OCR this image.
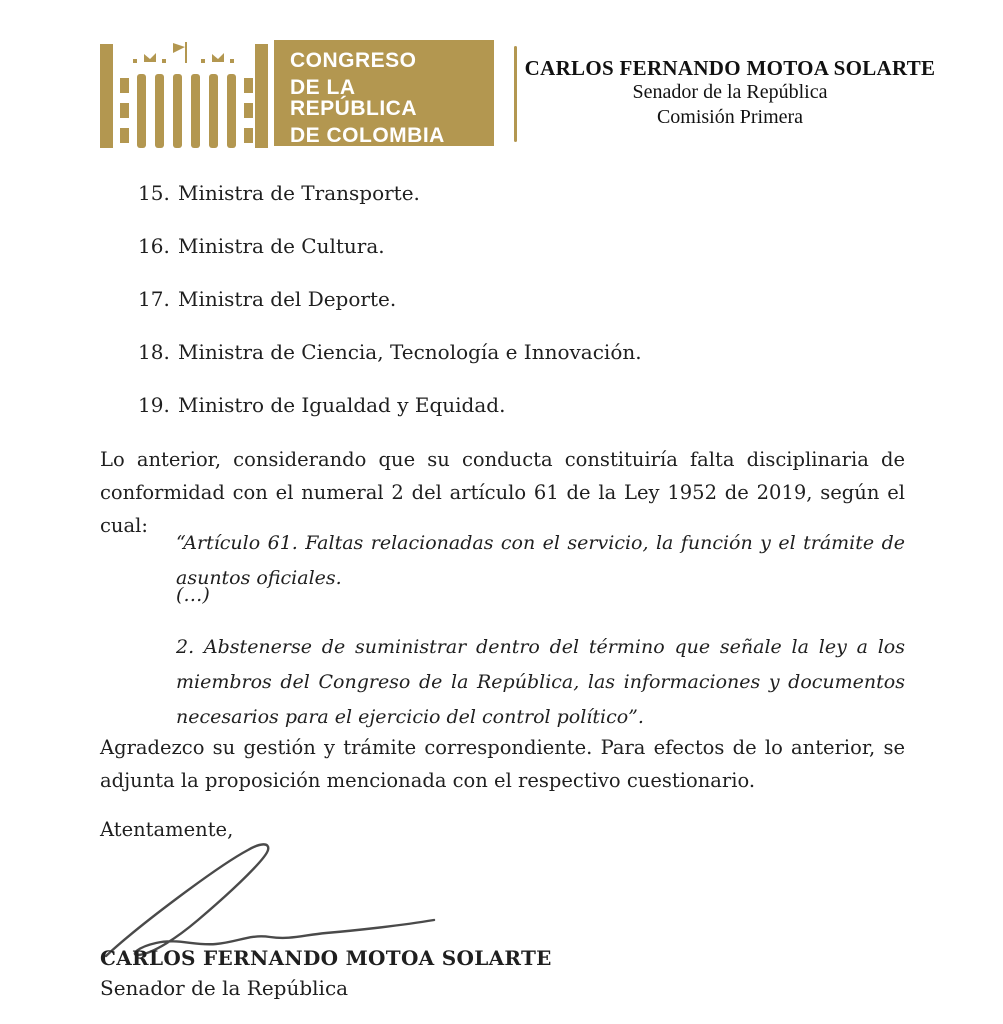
CONGRESO
DE LA REPÚBLICA
DE COLOMBIA
SENADO DE LA REPÚBLICA
CARLOS FERNANDO MOTOA SOLARTE
Senador de la República
Comisión Primera
15. Ministra de Transporte.
16. Ministra de Cultura.
17. Ministra del Deporte.
18. Ministra de Ciencia, Tecnología e Innovación.
19. Ministro de Igualdad y Equidad.

Lo anterior, considerando que su conducta constituiría falta disciplinaria de conformidad con el numeral 2 del artículo 61 de la Ley 1952 de 2019, según el cual:

“Artículo 61. Faltas relacionadas con el servicio, la función y el trámite de asuntos oficiales.

(…)

2. Abstenerse de suministrar dentro del término que señale la ley a los miembros del Congreso de la República, las informaciones y documentos necesarios para el ejercicio del control político”.

Agradezco su gestión y trámite correspondiente. Para efectos de lo anterior, se adjunta la proposición mencionada con el respectivo cuestionario.

Atentamente,

CARLOS FERNANDO MOTOA SOLARTE
Senador de la República
